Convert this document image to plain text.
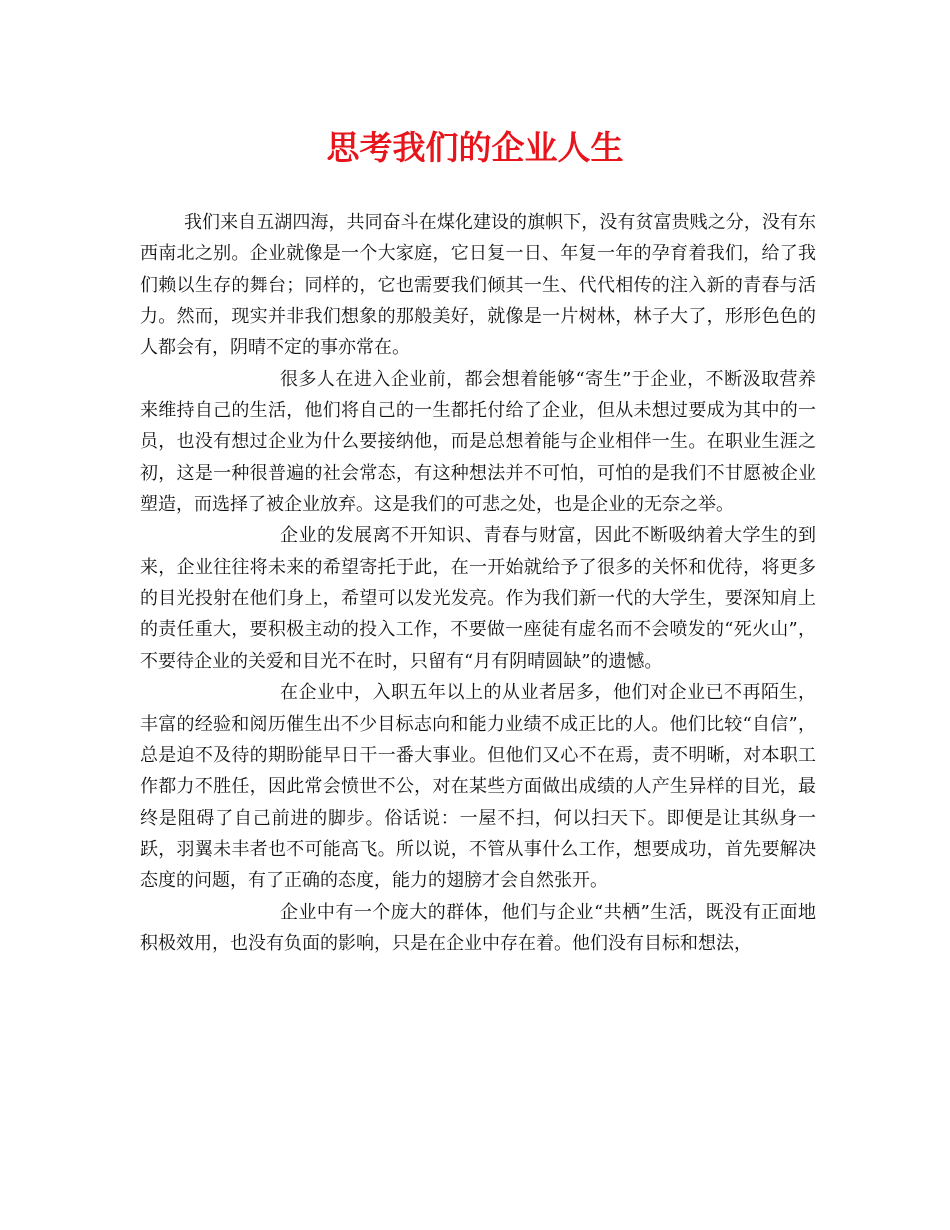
思考我们的企业人生

我们来自五湖四海，共同奋斗在煤化建设的旗帜下，没有贫富贵贱之分，没有东西南北之别。企业就像是一个大家庭，它日复一日、年复一年的孕育着我们，给了我们赖以生存的舞台；同样的，它也需要我们倾其一生、代代相传的注入新的青春与活力。然而，现实并非我们想象的那般美好，就像是一片树林，林子大了，形形色色的人都会有，阴晴不定的事亦常在。

很多人在进入企业前，都会想着能够“寄生”于企业，不断汲取营养来维持自己的生活，他们将自己的一生都托付给了企业，但从未想过要成为其中的一员，也没有想过企业为什么要接纳他，而是总想着能与企业相伴一生。在职业生涯之初，这是一种很普遍的社会常态，有这种想法并不可怕，可怕的是我们不甘愿被企业塑造，而选择了被企业放弃。这是我们的可悲之处，也是企业的无奈之举。

企业的发展离不开知识、青春与财富，因此不断吸纳着大学生的到来，企业往往将未来的希望寄托于此，在一开始就给予了很多的关怀和优待，将更多的目光投射在他们身上，希望可以发光发亮。作为我们新一代的大学生，要深知肩上的责任重大，要积极主动的投入工作，不要做一座徒有虚名而不会喷发的“死火山”，不要待企业的关爱和目光不在时，只留有“月有阴晴圆缺”的遗憾。

在企业中，入职五年以上的从业者居多，他们对企业已不再陌生，丰富的经验和阅历催生出不少目标志向和能力业绩不成正比的人。他们比较“自信”，总是迫不及待的期盼能早日干一番大事业。但他们又心不在焉，责不明晰，对本职工作都力不胜任，因此常会愤世不公，对在某些方面做出成绩的人产生异样的目光，最终是阻碍了自己前进的脚步。俗话说：一屋不扫，何以扫天下。即便是让其纵身一跃，羽翼未丰者也不可能高飞。所以说，不管从事什么工作，想要成功，首先要解决态度的问题，有了正确的态度，能力的翅膀才会自然张开。

企业中有一个庞大的群体，他们与企业“共栖”生活，既没有正面地积极效用，也没有负面的影响，只是在企业中存在着。他们没有目标和想法，
